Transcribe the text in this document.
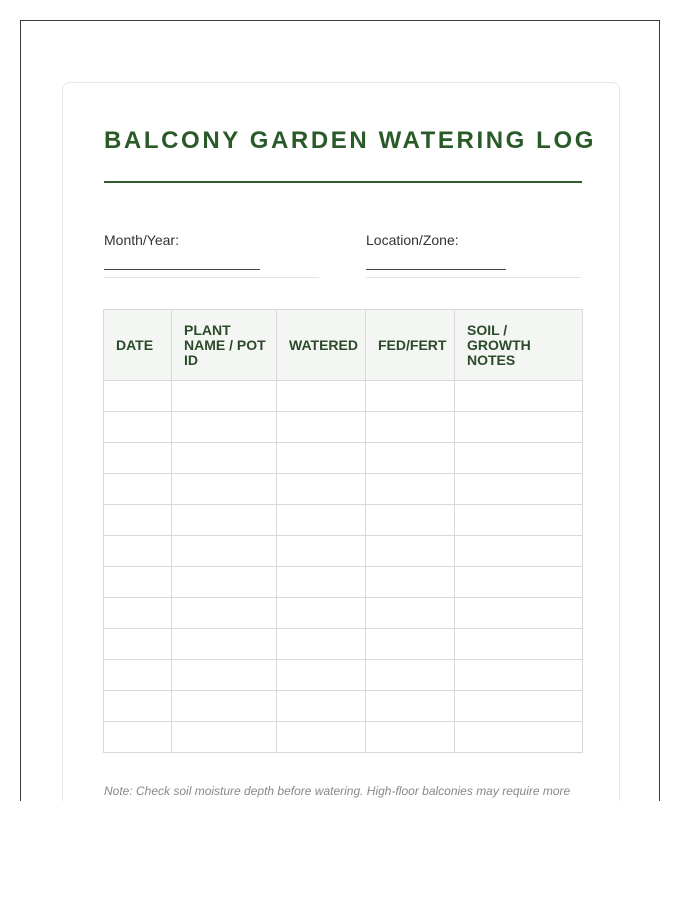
BALCONY GARDEN WATERING LOG
Month/Year:	Location/Zone:
DATE	PLANT NAME / POT ID	WATERED	FED/FERT	SOIL / GROWTH NOTES

Note: Check soil moisture depth before watering. High-floor balconies may require more
